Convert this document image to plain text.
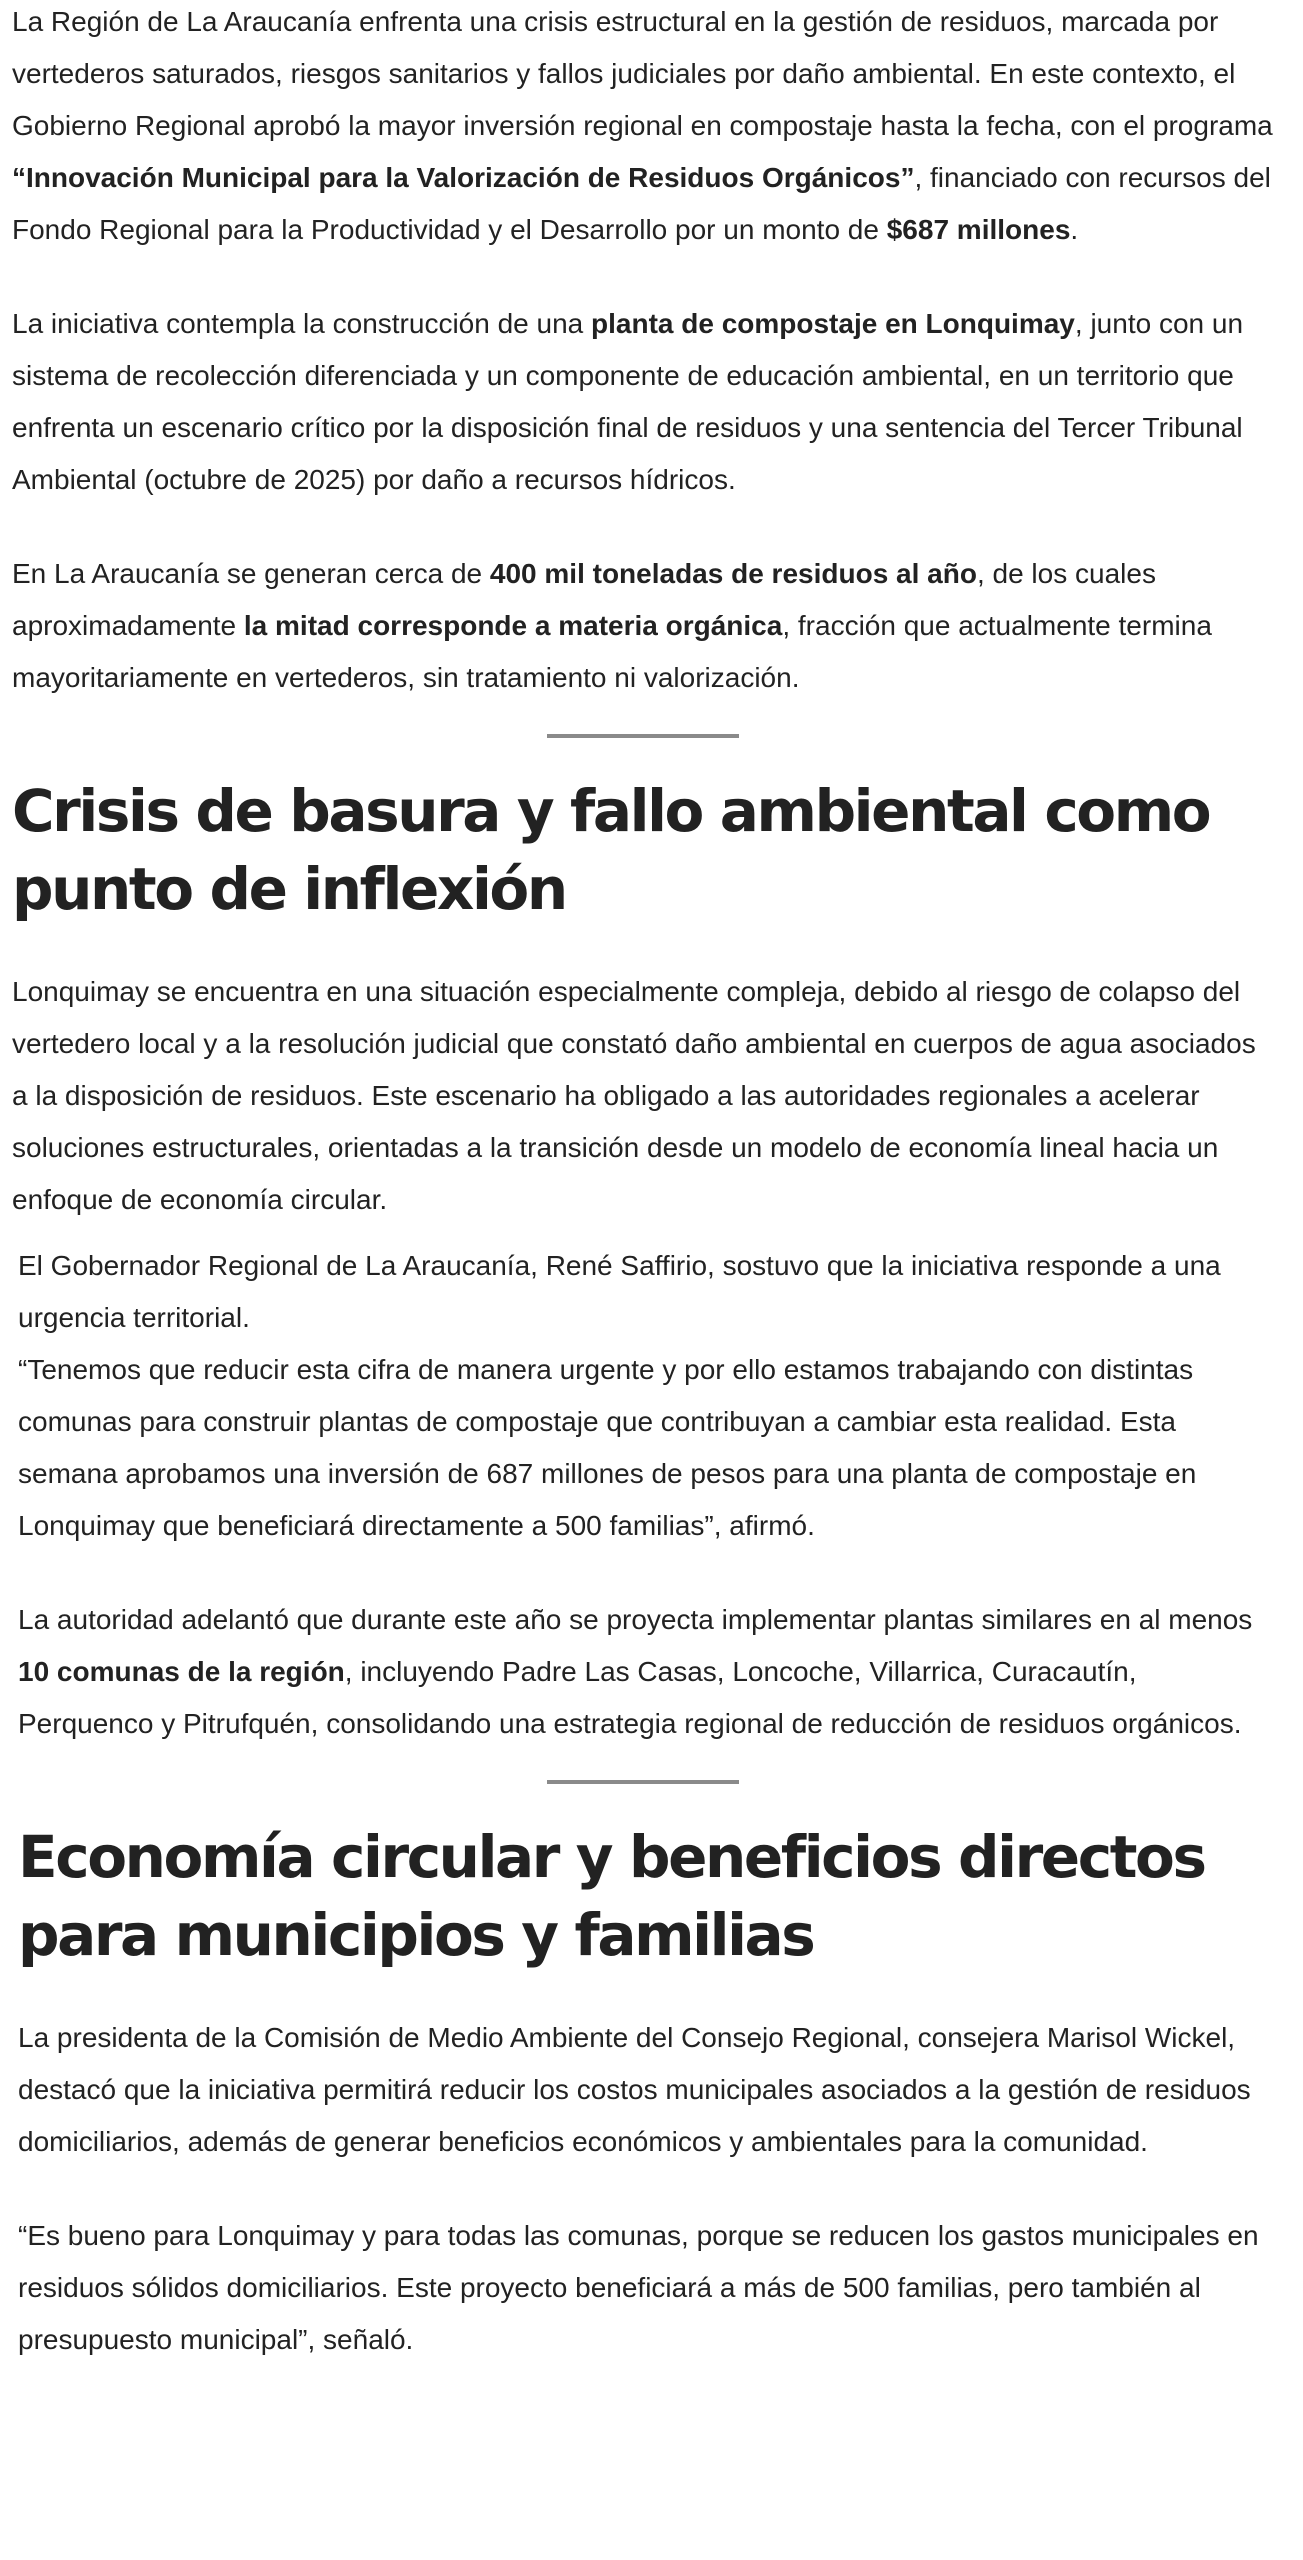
La Región de La Araucanía enfrenta una crisis estructural en la gestión de residuos, marcada por vertederos saturados, riesgos sanitarios y fallos judiciales por daño ambiental. En este contexto, el Gobierno Regional aprobó la mayor inversión regional en compostaje hasta la fecha, con el programa “Innovación Municipal para la Valorización de Residuos Orgánicos”, financiado con recursos del Fondo Regional para la Productividad y el Desarrollo por un monto de $687 millones.

La iniciativa contempla la construcción de una planta de compostaje en Lonquimay, junto con un sistema de recolección diferenciada y un componente de educación ambiental, en un territorio que enfrenta un escenario crítico por la disposición final de residuos y una sentencia del Tercer Tribunal Ambiental (octubre de 2025) por daño a recursos hídricos.

En La Araucanía se generan cerca de 400 mil toneladas de residuos al año, de los cuales aproximadamente la mitad corresponde a materia orgánica, fracción que actualmente termina mayoritariamente en vertederos, sin tratamiento ni valorización.

Crisis de basura y fallo ambiental como punto de inflexión

Lonquimay se encuentra en una situación especialmente compleja, debido al riesgo de colapso del vertedero local y a la resolución judicial que constató daño ambiental en cuerpos de agua asociados a la disposición de residuos. Este escenario ha obligado a las autoridades regionales a acelerar soluciones estructurales, orientadas a la transición desde un modelo de economía lineal hacia un enfoque de economía circular.

El Gobernador Regional de La Araucanía, René Saffirio, sostuvo que la iniciativa responde a una urgencia territorial.
“Tenemos que reducir esta cifra de manera urgente y por ello estamos trabajando con distintas comunas para construir plantas de compostaje que contribuyan a cambiar esta realidad. Esta semana aprobamos una inversión de 687 millones de pesos para una planta de compostaje en Lonquimay que beneficiará directamente a 500 familias”, afirmó.

La autoridad adelantó que durante este año se proyecta implementar plantas similares en al menos 10 comunas de la región, incluyendo Padre Las Casas, Loncoche, Villarrica, Curacautín, Perquenco y Pitrufquén, consolidando una estrategia regional de reducción de residuos orgánicos.

Economía circular y beneficios directos para municipios y familias

La presidenta de la Comisión de Medio Ambiente del Consejo Regional, consejera Marisol Wickel, destacó que la iniciativa permitirá reducir los costos municipales asociados a la gestión de residuos domiciliarios, además de generar beneficios económicos y ambientales para la comunidad.

“Es bueno para Lonquimay y para todas las comunas, porque se reducen los gastos municipales en residuos sólidos domiciliarios. Este proyecto beneficiará a más de 500 familias, pero también al presupuesto municipal”, señaló.
